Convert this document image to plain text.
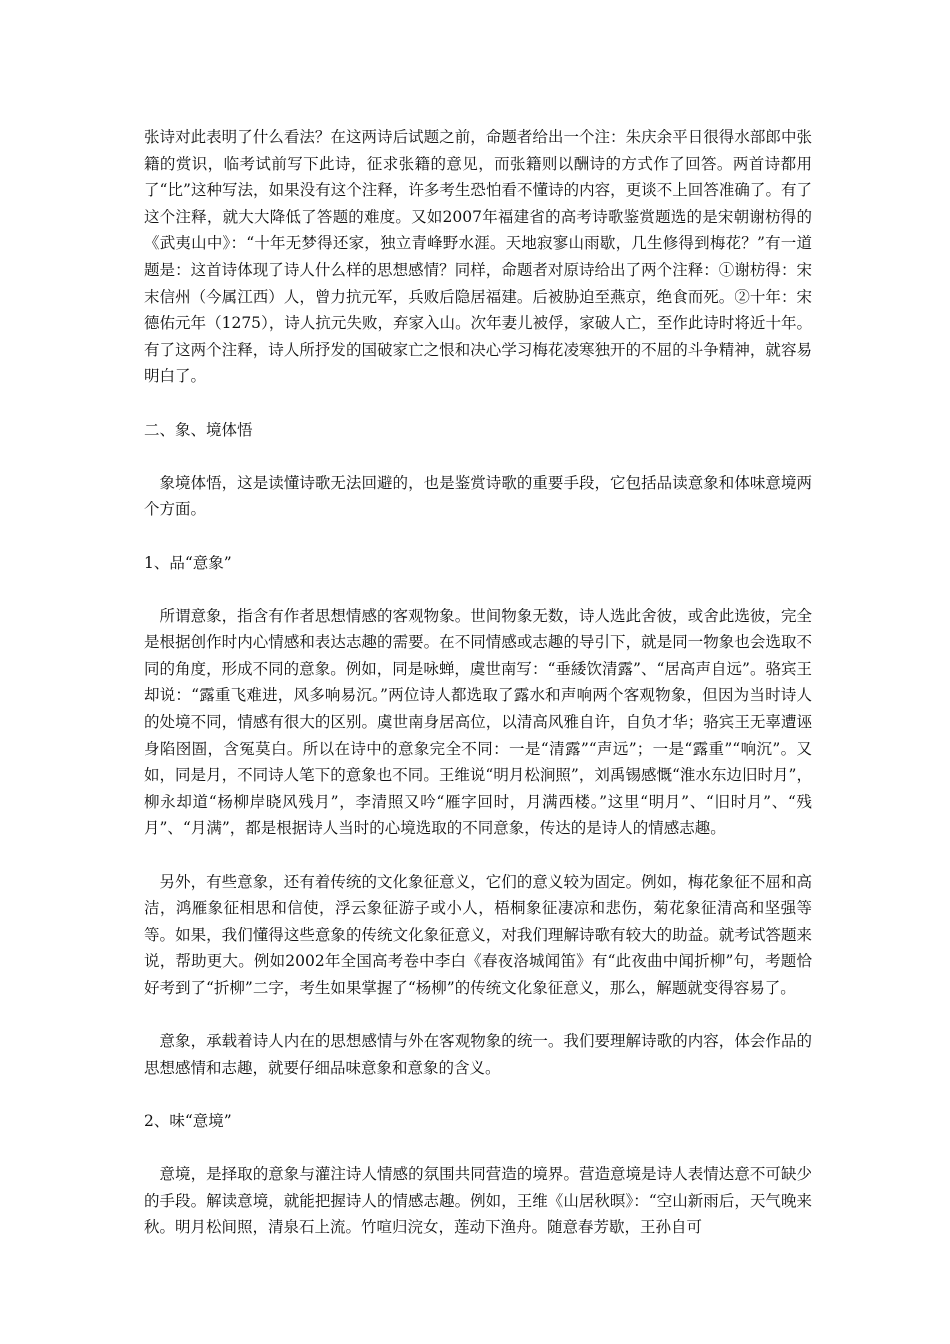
张诗对此表明了什么看法？在这两诗后试题之前，命题者给出一个注：朱庆余平日很得水部郎中张籍的赏识，临考试前写下此诗，征求张籍的意见，而张籍则以酬诗的方式作了回答。两首诗都用了“比”这种写法，如果没有这个注释，许多考生恐怕看不懂诗的内容，更谈不上回答准确了。有了这个注释，就大大降低了答题的难度。又如2007年福建省的高考诗歌鉴赏题选的是宋朝谢枋得的《武夷山中》：“十年无梦得还家，独立青峰野水涯。天地寂寥山雨歇，几生修得到梅花？”有一道题是：这首诗体现了诗人什么样的思想感情？同样，命题者对原诗给出了两个注释：①谢枋得：宋末信州（今属江西）人，曾力抗元军，兵败后隐居福建。后被胁迫至燕京，绝食而死。②十年：宋德佑元年（1275），诗人抗元失败，弃家入山。次年妻儿被俘，家破人亡，至作此诗时将近十年。有了这两个注释，诗人所抒发的国破家亡之恨和决心学习梅花凌寒独开的不屈的斗争精神，就容易明白了。

二、象、境体悟

象境体悟，这是读懂诗歌无法回避的，也是鉴赏诗歌的重要手段，它包括品读意象和体味意境两个方面。

1、品“意象”

所谓意象，指含有作者思想情感的客观物象。世间物象无数，诗人选此舍彼，或舍此选彼，完全是根据创作时内心情感和表达志趣的需要。在不同情感或志趣的导引下，就是同一物象也会选取不同的角度，形成不同的意象。例如，同是咏蝉，虞世南写：“垂緌饮清露”、“居高声自远”。骆宾王却说：“露重飞难进，风多响易沉。”两位诗人都选取了露水和声响两个客观物象，但因为当时诗人的处境不同，情感有很大的区别。虞世南身居高位，以清高风雅自许，自负才华；骆宾王无辜遭诬身陷囹圄，含冤莫白。所以在诗中的意象完全不同：一是“清露”“声远”；一是“露重”“响沉”。又如，同是月，不同诗人笔下的意象也不同。王维说“明月松涧照”，刘禹锡感慨“淮水东边旧时月”，柳永却道“杨柳岸晓风残月”，李清照又吟“雁字回时，月满西楼。”这里“明月”、“旧时月”、“残月”、“月满”，都是根据诗人当时的心境选取的不同意象，传达的是诗人的情感志趣。

另外，有些意象，还有着传统的文化象征意义，它们的意义较为固定。例如，梅花象征不屈和高洁，鸿雁象征相思和信使，浮云象征游子或小人，梧桐象征凄凉和悲伤，菊花象征清高和坚强等等。如果，我们懂得这些意象的传统文化象征意义，对我们理解诗歌有较大的助益。就考试答题来说，帮助更大。例如2002年全国高考卷中李白《春夜洛城闻笛》有“此夜曲中闻折柳”句，考题恰好考到了“折柳”二字，考生如果掌握了“杨柳”的传统文化象征意义，那么，解题就变得容易了。

意象，承载着诗人内在的思想感情与外在客观物象的统一。我们要理解诗歌的内容，体会作品的思想感情和志趣，就要仔细品味意象和意象的含义。

2、味“意境”

意境，是择取的意象与灌注诗人情感的氛围共同营造的境界。营造意境是诗人表情达意不可缺少的手段。解读意境，就能把握诗人的情感志趣。例如，王维《山居秋暝》：“空山新雨后，天气晚来秋。明月松间照，清泉石上流。竹喧归浣女，莲动下渔舟。随意春芳歇，王孙自可
